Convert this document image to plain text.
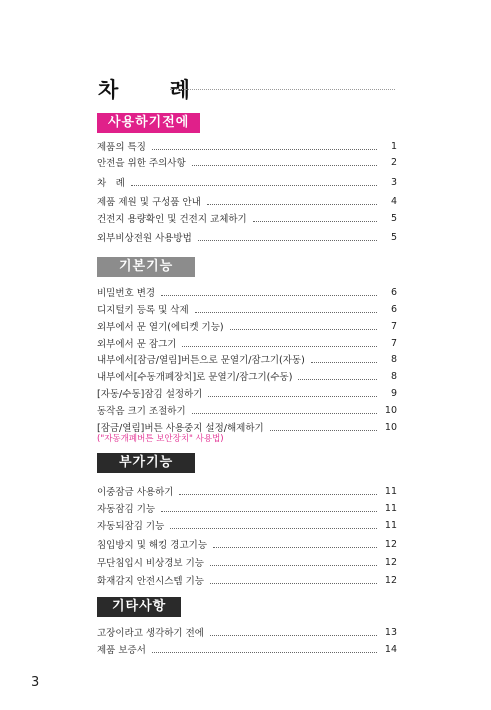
차 례
사용하기전에
제품의 특징	1
안전을 위한 주의사항	2
차　례	3
제품 제원 및 구성품 안내	4
건전지 용량확인 및 건전지 교체하기	5
외부비상전원 사용방법	5
기본기능
비밀번호 변경	6
디지털키 등록 및 삭제	6
외부에서 문 열기(에티켓 기능)	7
외부에서 문 잠그기	7
내부에서[잠금/열림]버튼으로 문열기/잠그기(자동)	8
내부에서[수동개폐장치]로 문열기/잠그기(수동)	8
[자동/수동]잠김 설정하기	9
동작음 크기 조절하기	10
[잠금/열림]버튼 사용중지 설정/해제하기	10
("자동개폐버튼 보안장치" 사용법)
부가기능
이중잠금 사용하기	11
자동잠김 기능	11
자동되잠김 기능	11
침입방지 및 해킹 경고기능	12
무단침입시 비상경보 기능	12
화재감지 안전시스템 기능	12
기타사항
고장이라고 생각하기 전에	13
제품 보증서	14
3
